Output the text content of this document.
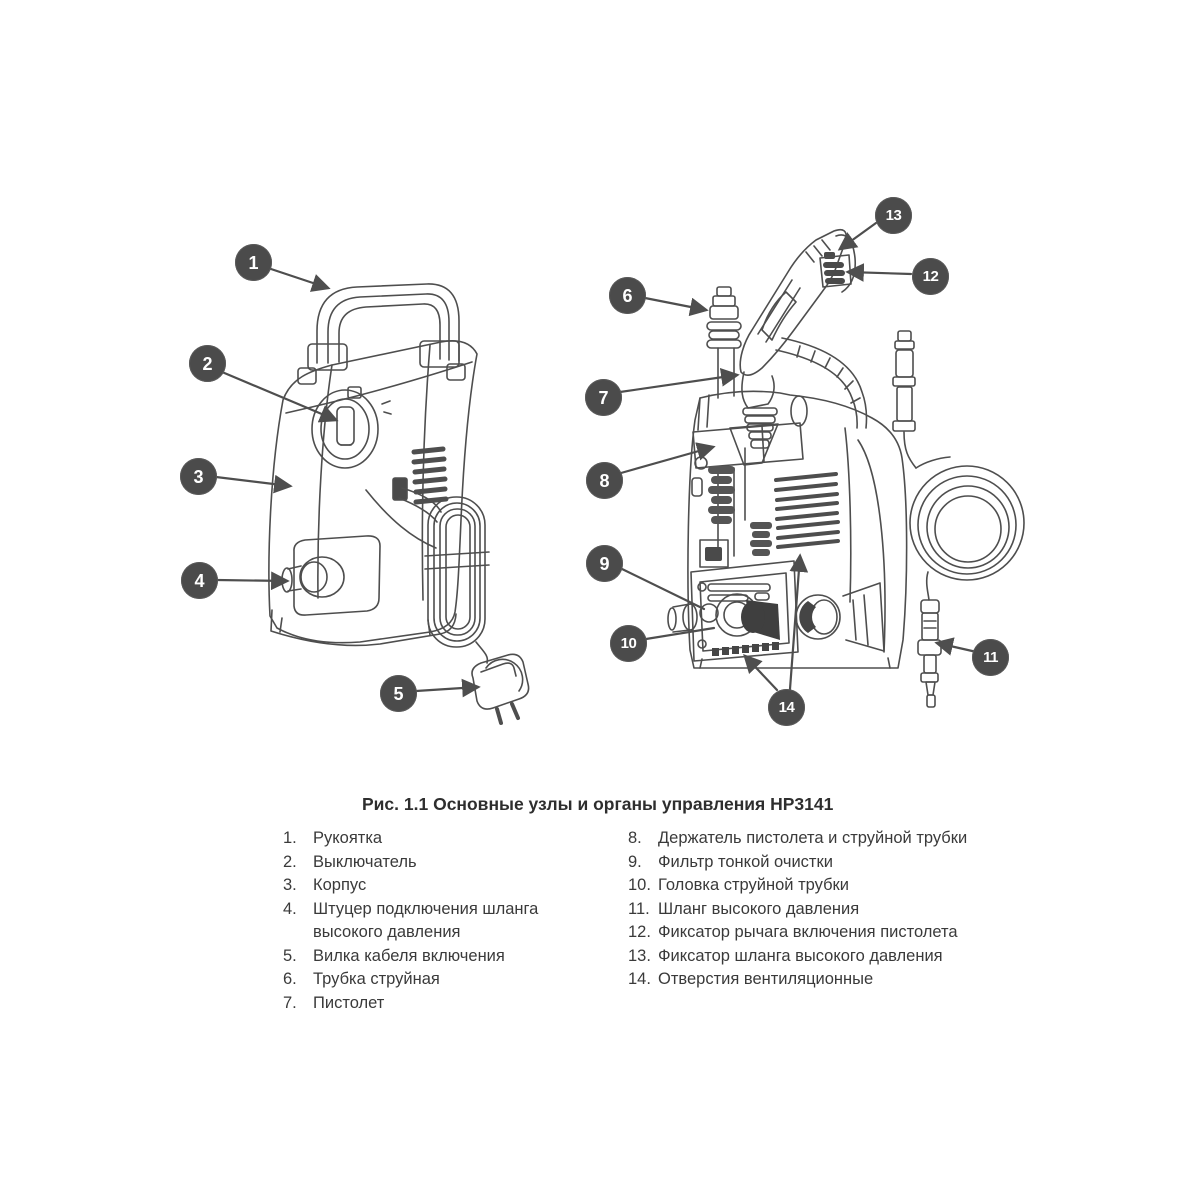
1
2
3
4
5
6
7
8
9
10
11
12
13
14
Рис. 1.1 Основные узлы и органы управления HP3141
1. Рукоятка
2. Выключатель
3. Корпус
4. Штуцер подключения шланга высокого давления
5. Вилка кабеля включения
6. Трубка струйная
7. Пистолет
8. Держатель пистолета и струйной трубки
9. Фильтр тонкой очистки
10. Головка струйной трубки
11. Шланг высокого давления
12. Фиксатор рычага включения пистолета
13. Фиксатор шланга высокого давления
14. Отверстия вентиляционные
